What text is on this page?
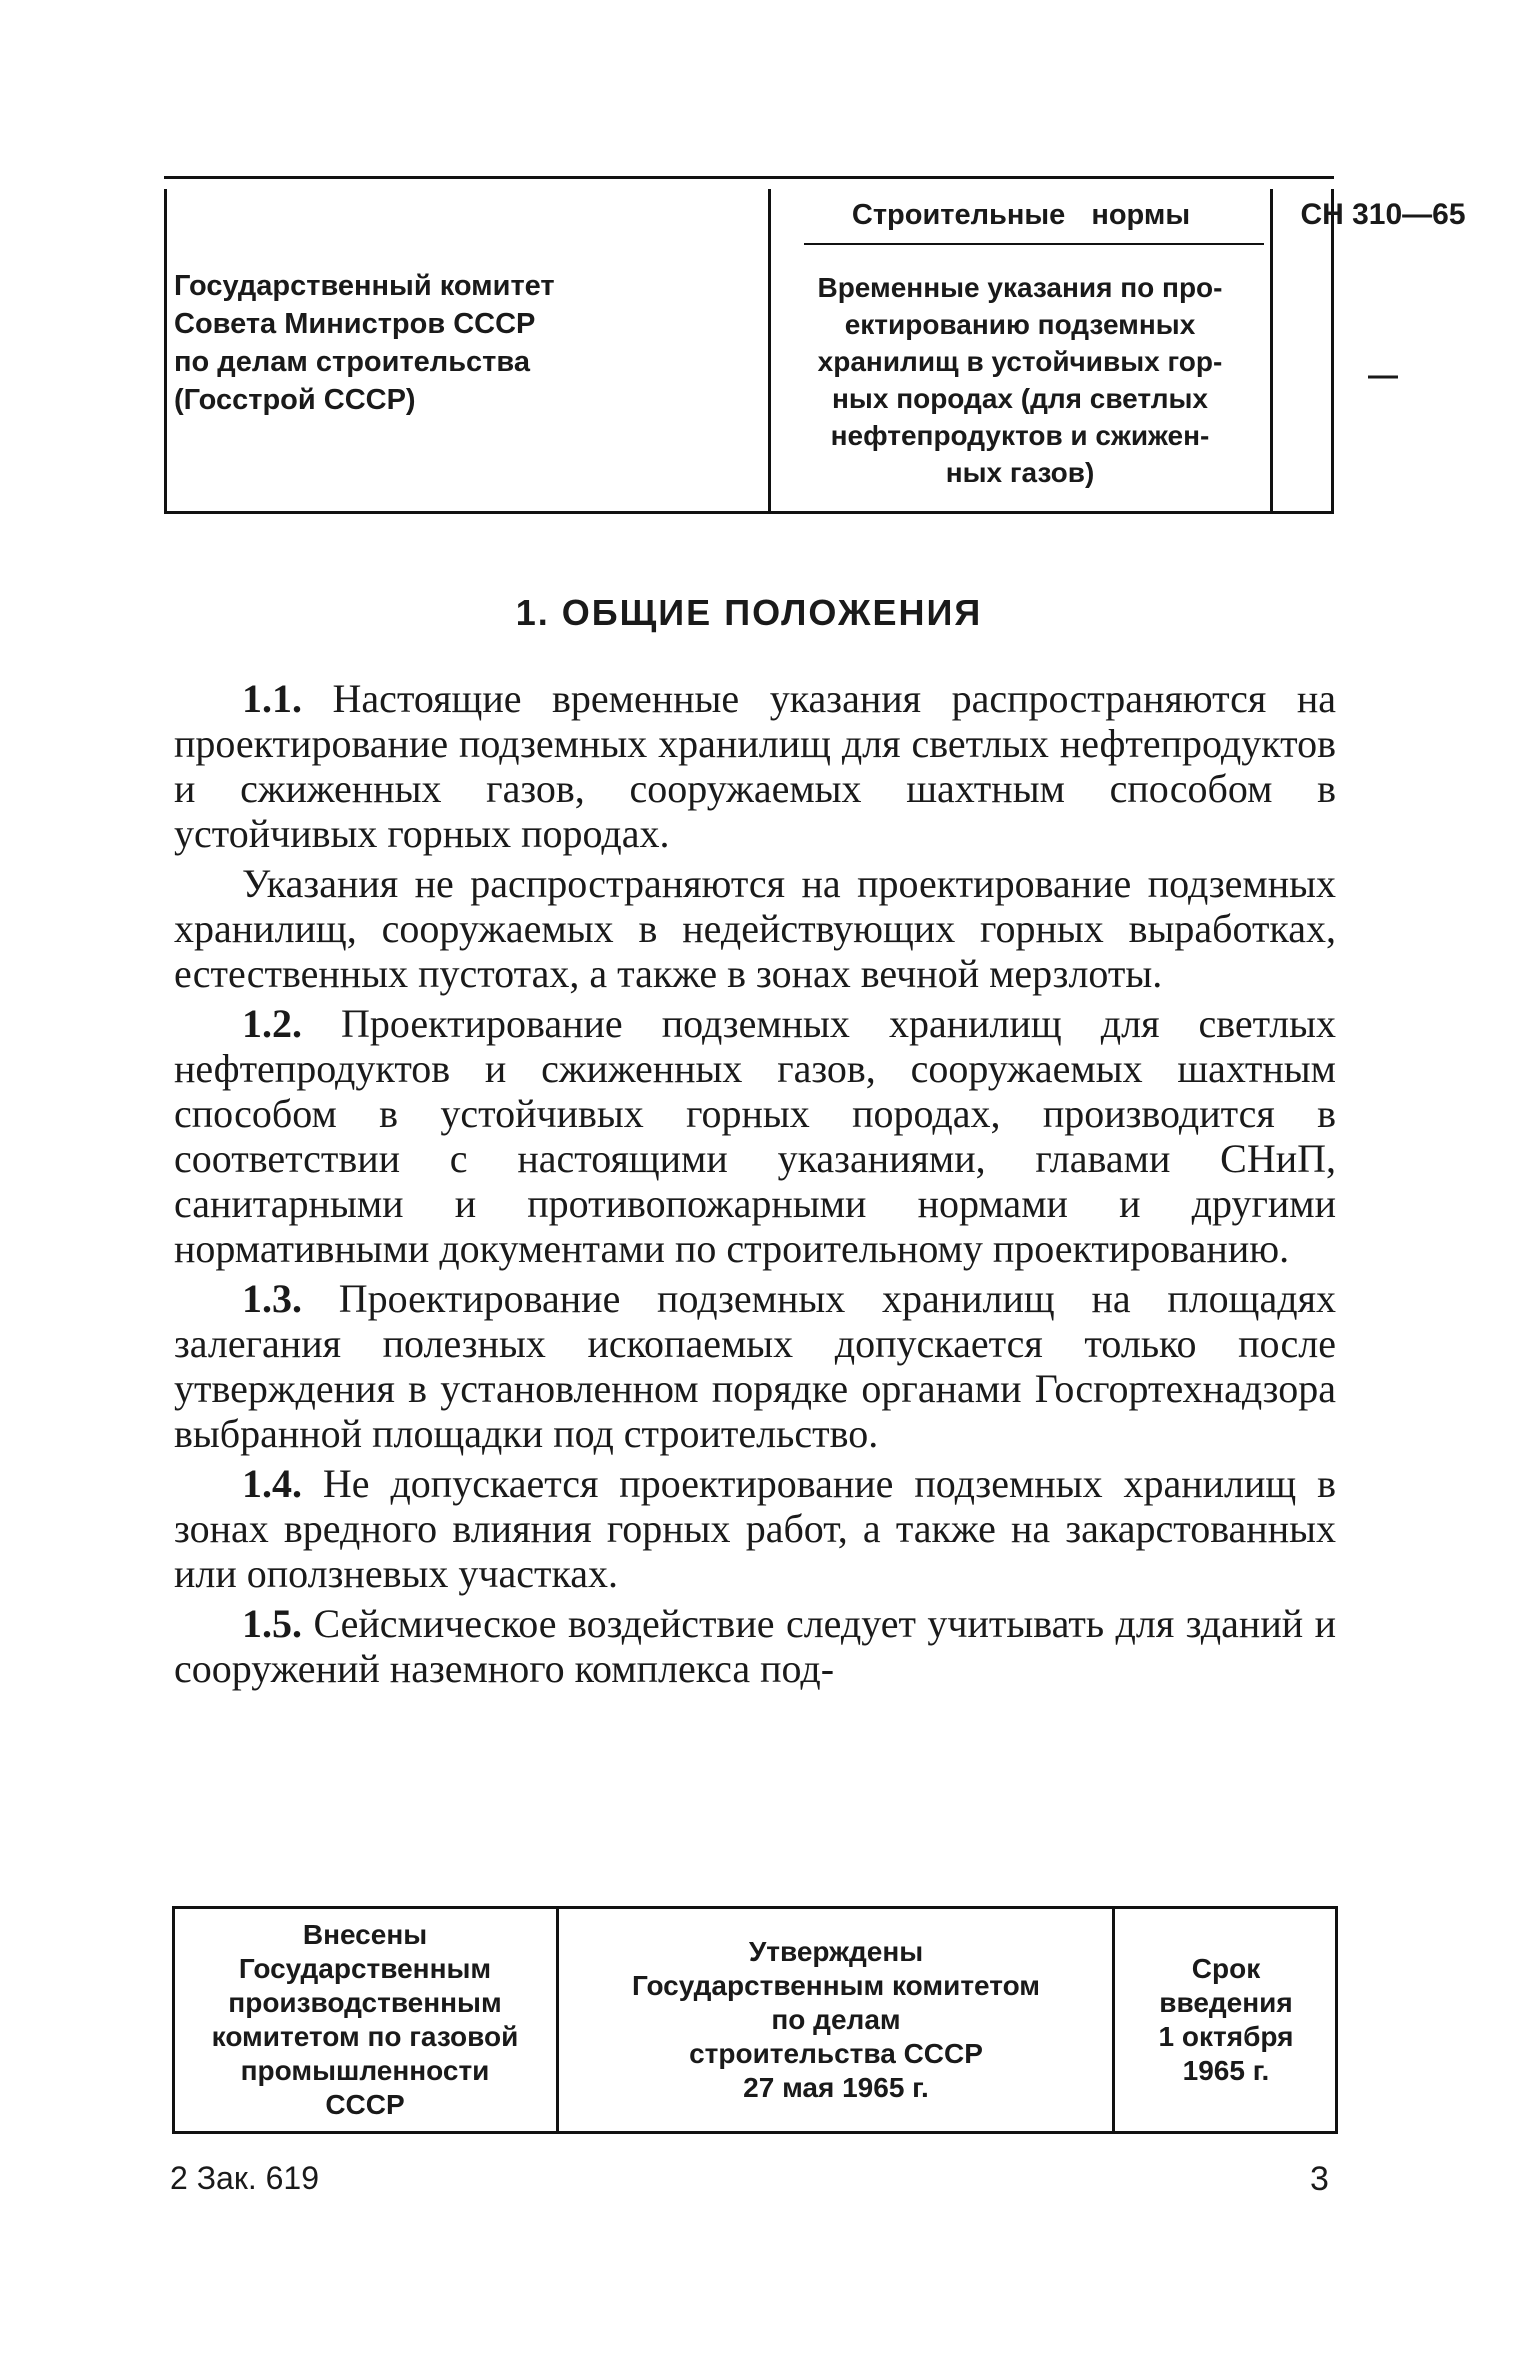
Государственный комитет
Совета Министров СССР
по делам строительства

(Госстрой СССР)
Строительные нормы
Временные указания по про-
ектированию подземных
хранилищ в устойчивых гор-
ных породах (для светлых
нефтепродуктов и сжижен-
ных газов)
СН 310—65
—
1. ОБЩИЕ ПОЛОЖЕНИЯ

1.1. Настоящие временные указания распространяются на проектирование подземных хранилищ для светлых нефтепродуктов и сжиженных газов, сооружаемых шахтным способом в устойчивых горных породах.

Указания не распространяются на проектирование подземных хранилищ, сооружаемых в недействующих горных выработках, естественных пустотах, а также в зонах вечной мерзлоты.

1.2. Проектирование подземных хранилищ для светлых нефтепродуктов и сжиженных газов, сооружаемых шахтным способом в устойчивых горных породах, производится в соответствии с настоящими указаниями, главами СНиП, санитарными и противопожарными нормами и другими нормативными документами по строительному проектированию.

1.3. Проектирование подземных хранилищ на площадях залегания полезных ископаемых допускается только после утверждения в установленном порядке органами Госгортехнадзора выбранной площадки под строительство.

1.4. Не допускается проектирование подземных хранилищ в зонах вредного влияния горных работ, а также на закарстованных или оползневых участках.

1.5. Сейсмическое воздействие следует учитывать для зданий и сооружений наземного комплекса под-

Внесены
Государственным
производственным
комитетом по газовой
промышленности
СССР
Утверждены
Государственным комитетом
по делам
строительства СССР
27 мая 1965 г.
Срок
введения
1 октября
1965 г.
2 Зак. 619	3
